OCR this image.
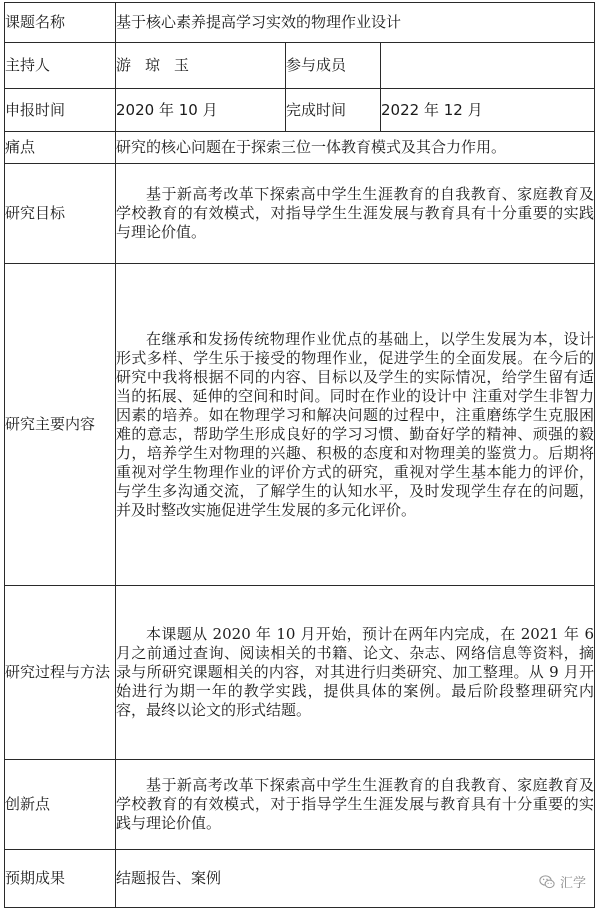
课题名称	基于核心素养提高学习实效的物理作业设计		
主持人	游琼玉	参与成员	
申报时间	2020 年 10 月	完成时间	2022 年 12 月
痛点	研究的核心问题在于探索三位一体教育模式及其合力作用。		
研究目标	基于新高考改革下探索高中学生生涯教育的自我教育、家庭教育及学校教育的有效模式，对指导学生生涯发展与教育具有十分重要的实践与理论价值。		

研究主要内容	在继承和发扬传统物理作业优点的基础上，以学生发展为本，设计形式多样、学生乐于接受的物理作业，促进学生的全面发展。在今后的研究中我将根据不同的内容、目标以及学生的实际情况，给学生留有适当的拓展、延伸的空间和时间。同时在作业的设计中 注重对学生非智力因素的培养。如在物理学习和解决问题的过程中，注重磨练学生克服困难的意志，帮助学生形成良好的学习习惯、勤奋好学的精神、顽强的毅力，培养学生对物理的兴趣、积极的态度和对物理美的鉴赏力。后期将重视对学生物理作业的评价方式的研究，重视对学生基本能力的评价，与学生多沟通交流，了解学生的认知水平，及时发现学生存在的问题，并及时整改实施促进学生发展的多元化评价。		

研究过程与方法	本课题从 2020 年 10 月开始，预计在两年内完成，在 2021 年 6 月之前通过查询、阅读相关的书籍、论文、杂志、网络信息等资料，摘录与所研究课题相关的内容，对其进行归类研究、加工整理。从 9 月开始进行为期一年的教学实践，提供具体的案例。最后阶段整理研究内容，最终以论文的形式结题。		

创新点	基于新高考改革下探索高中学生生涯教育的自我教育、家庭教育及学校教育的有效模式，对于指导学生生涯发展与教育具有十分重要的实践与理论价值。		

预期成果	结题报告、案例			汇学
